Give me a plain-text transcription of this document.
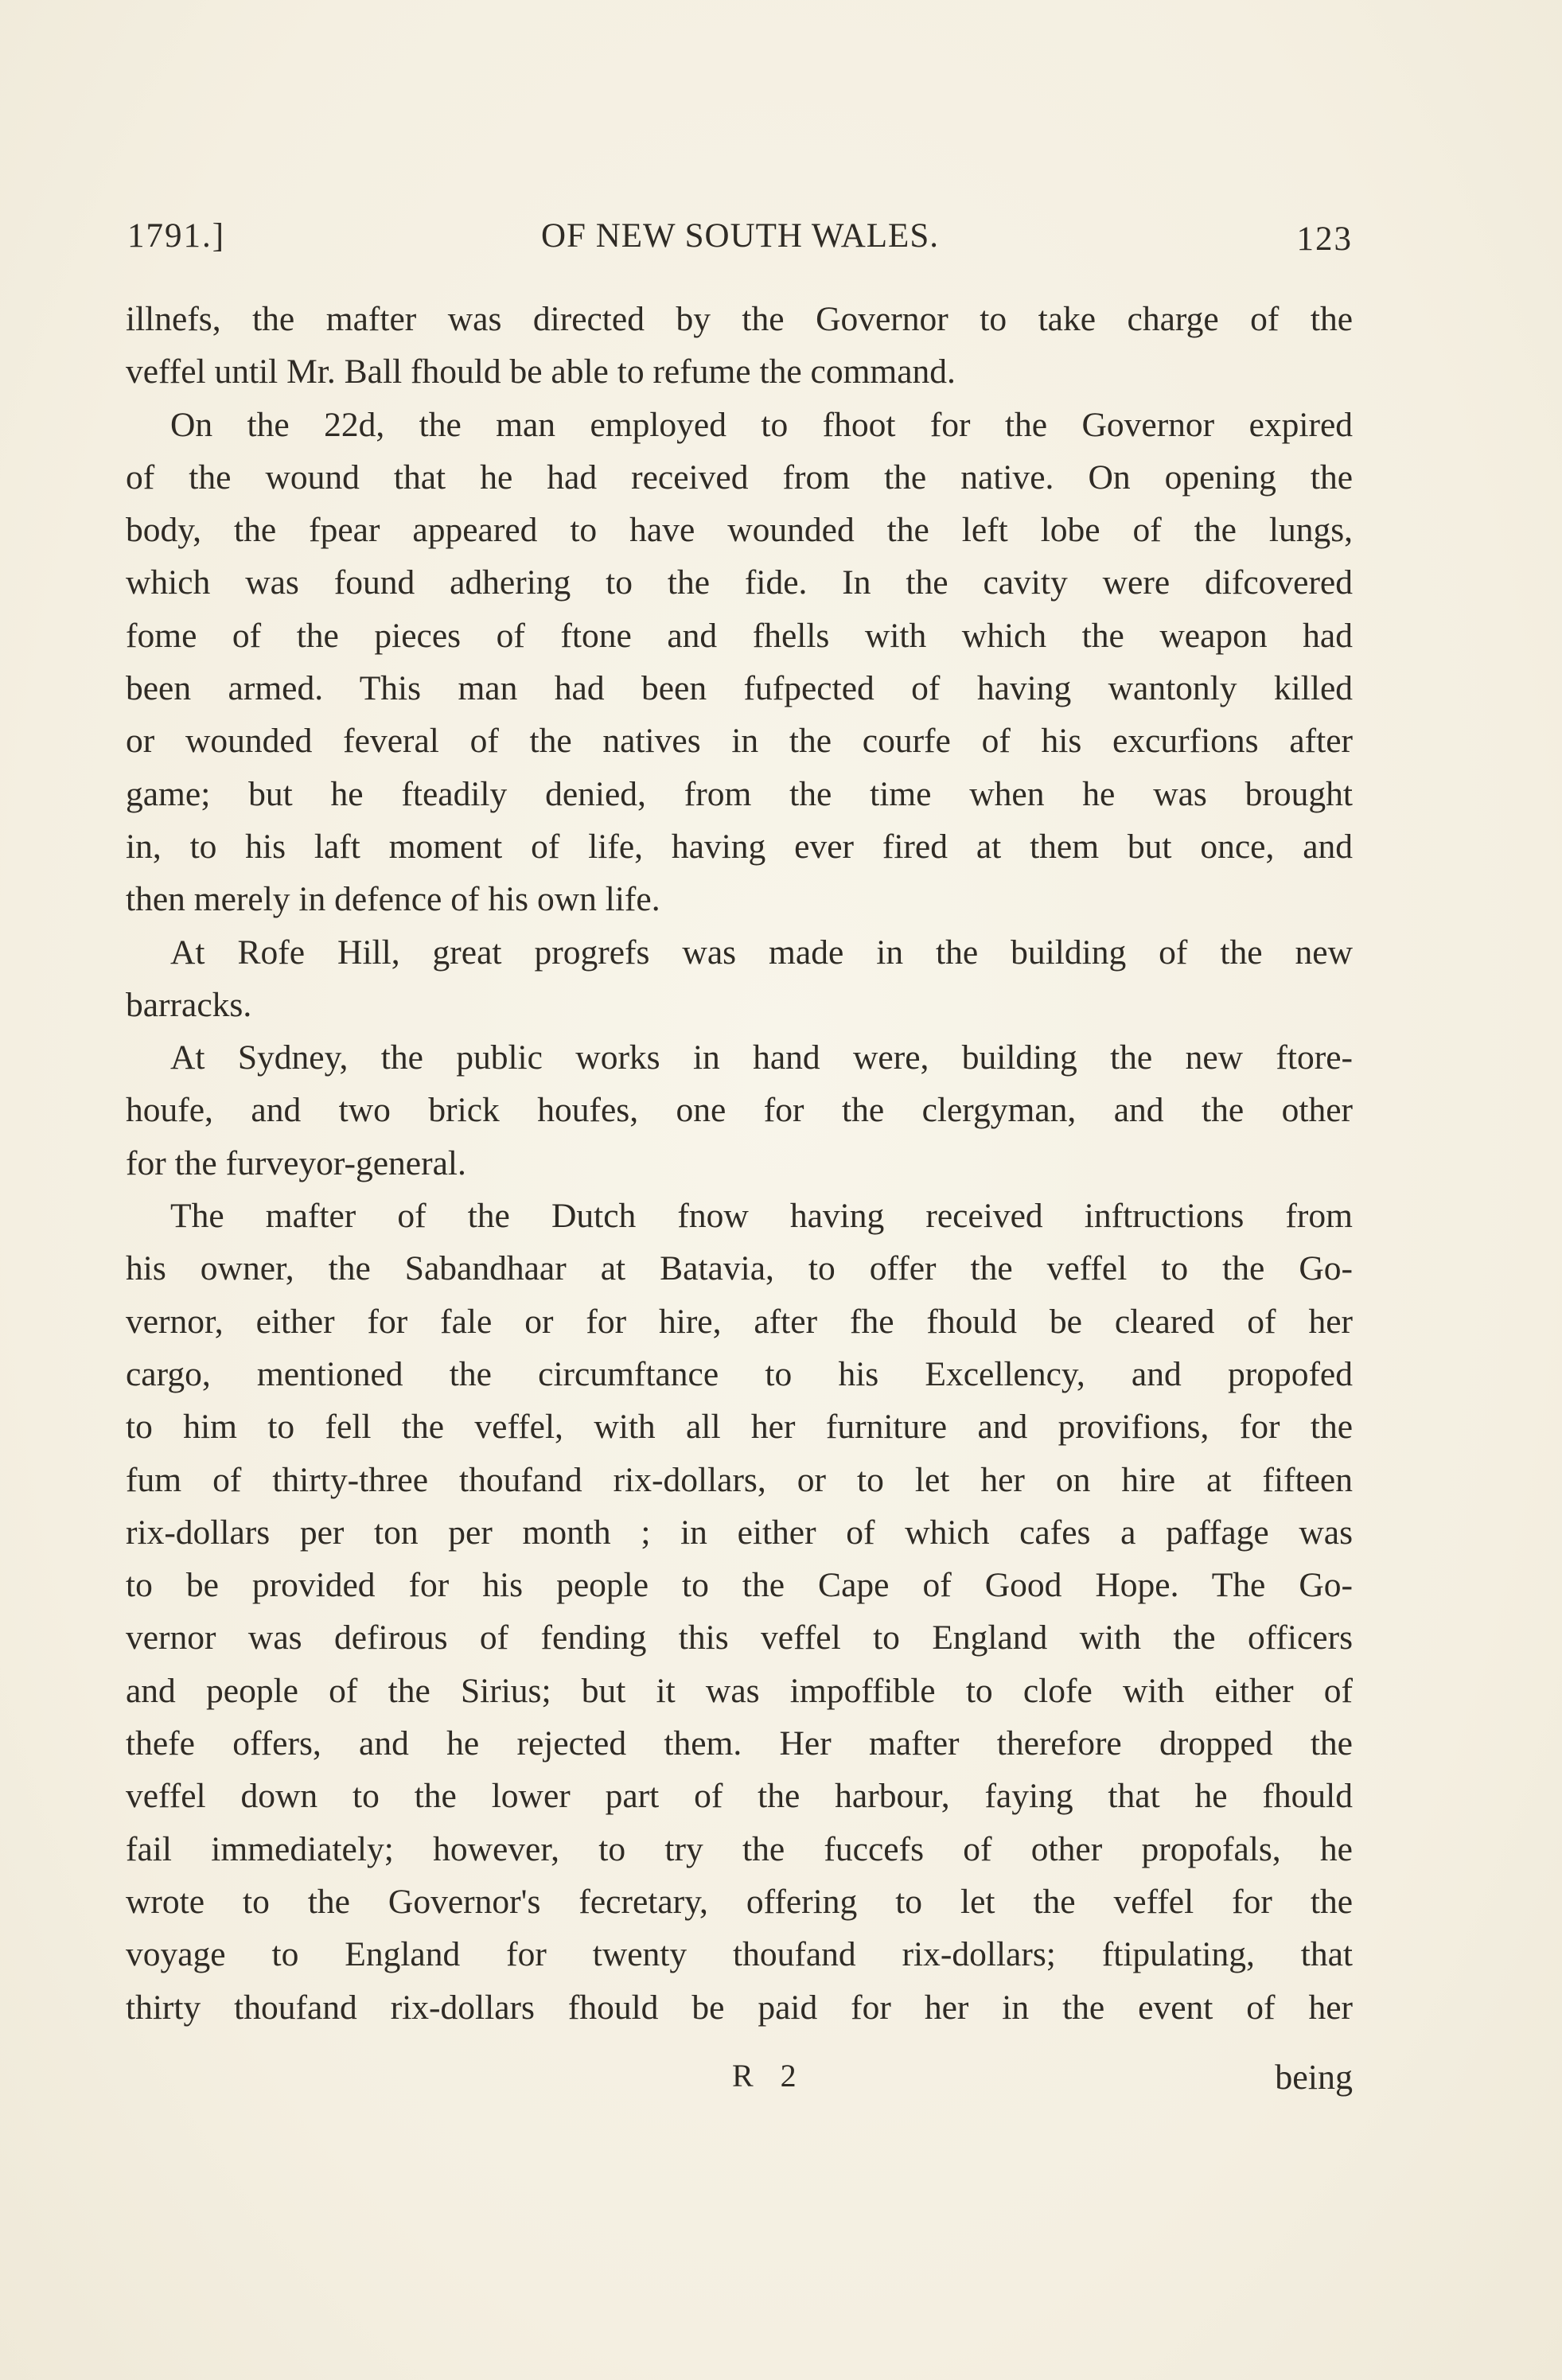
1791.]	OF NEW SOUTH WALES.	123
illnefs, the mafter was directed by the Governor to take charge of the
veffel until Mr. Ball fhould be able to refume the command.
On the 22d, the man employed to fhoot for the Governor expired
of the wound that he had received from the native. On opening the
body, the fpear appeared to have wounded the left lobe of the lungs,
which was found adhering to the fide. In the cavity were difcovered
fome of the pieces of ftone and fhells with which the weapon had
been armed. This man had been fufpected of having wantonly killed
or wounded feveral of the natives in the courfe of his excurfions after
game; but he fteadily denied, from the time when he was brought
in, to his laft moment of life, having ever fired at them but once, and
then merely in defence of his own life.
At Rofe Hill, great progrefs was made in the building of the new
barracks.
At Sydney, the public works in hand were, building the new ftore-
houfe, and two brick houfes, one for the clergyman, and the other
for the furveyor-general.
The mafter of the Dutch fnow having received inftructions from
his owner, the Sabandhaar at Batavia, to offer the veffel to the Go-
vernor, either for fale or for hire, after fhe fhould be cleared of her
cargo, mentioned the circumftance to his Excellency, and propofed
to him to fell the veffel, with all her furniture and provifions, for the
fum of thirty-three thoufand rix-dollars, or to let her on hire at fifteen
rix-dollars per ton per month ; in either of which cafes a paffage was
to be provided for his people to the Cape of Good Hope. The Go-
vernor was defirous of fending this veffel to England with the officers
and people of the Sirius; but it was impoffible to clofe with either of
thefe offers, and he rejected them. Her mafter therefore dropped the
veffel down to the lower part of the harbour, faying that he fhould
fail immediately; however, to try the fuccefs of other propofals, he
wrote to the Governor's fecretary, offering to let the veffel for the
voyage to England for twenty thoufand rix-dollars; ftipulating, that
thirty thoufand rix-dollars fhould be paid for her in the event of her
R 2	being
